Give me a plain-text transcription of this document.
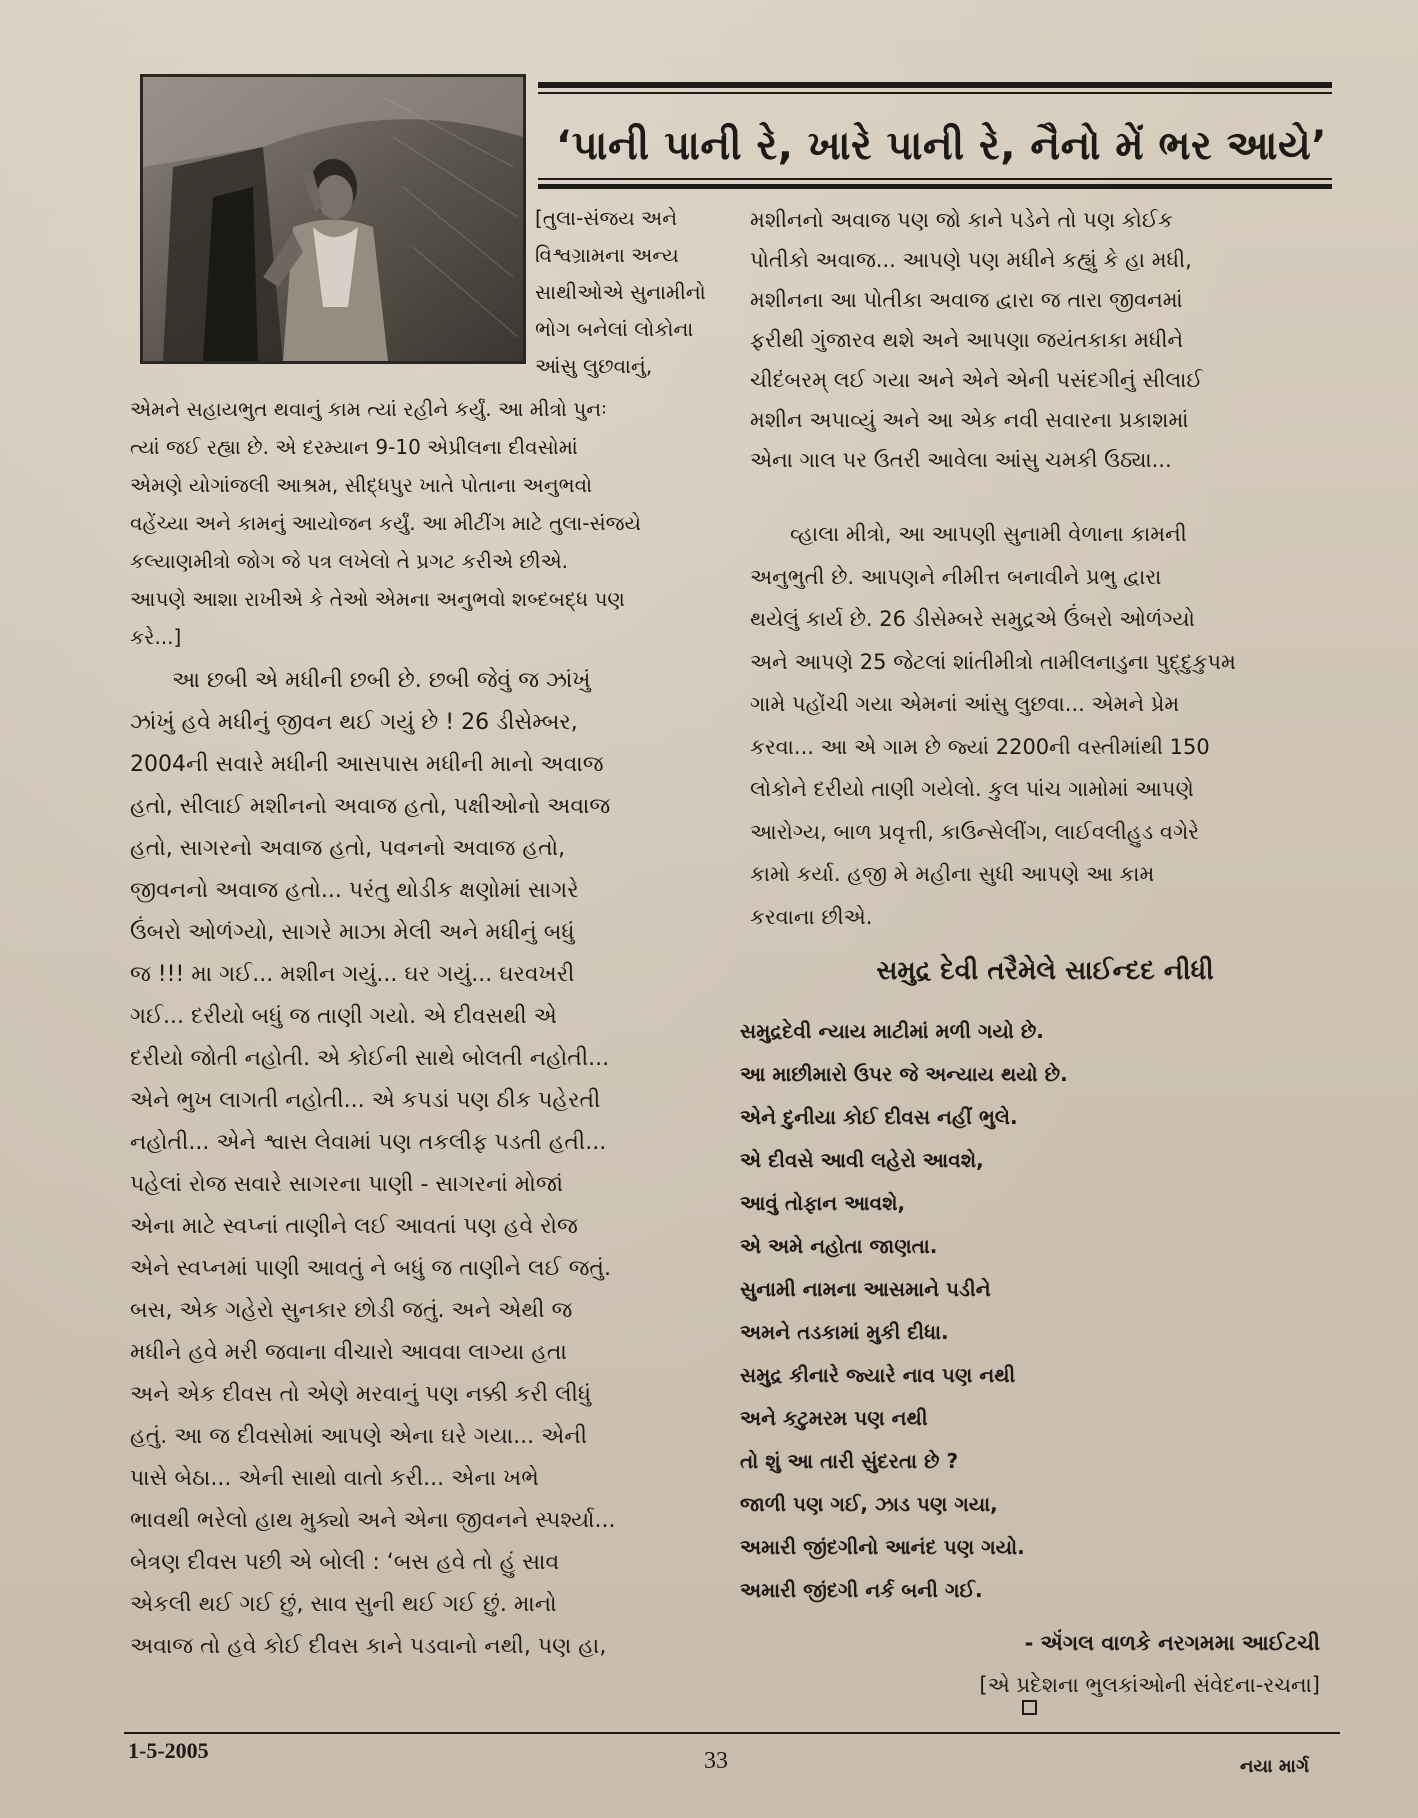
‘પાની પાની રે, ખારે પાની રે, નૈનો મેં ભર આયે’
[તુલા-સંજય અને
વિશ્વગ્રામના અન્ય
સાથીઓએ સુનામીનો
ભોગ બનેલાં લોકોના
આંસુ લુછવાનું,
એમને સહાયભુત થવાનું કામ ત્યાં રહીને કર્યું. આ મીત્રો પુનઃ
ત્યાં જઈ રહ્યા છે. એ દરમ્યાન 9-10 એપ્રીલના દીવસોમાં
એમણે યોગાંજલી આશ્રમ, સીદ્ધપુર ખાતે પોતાના અનુભવો
વહેંચ્યા અને કામનું આયોજન કર્યું. આ મીટીંગ માટે તુલા-સંજયે
કલ્યાણમીત્રો જોગ જે પત્ર લખેલો તે પ્રગટ કરીએ છીએ.
આપણે આશા રાખીએ કે તેઓ એમના અનુભવો શબ્દબદ્ધ પણ
કરે...]
આ છબી એ મધીની છબી છે. છબી જેવું જ ઝાંખું
ઝાંખું હવે મધીનું જીવન થઈ ગયું છે ! 26 ડીસેમ્બર,
2004ની સવારે મધીની આસપાસ મધીની માનો અવાજ
હતો, સીલાઈ મશીનનો અવાજ હતો, પક્ષીઓનો અવાજ
હતો, સાગરનો અવાજ હતો, પવનનો અવાજ હતો,
જીવનનો અવાજ હતો... પરંતુ થોડીક ક્ષણોમાં સાગરે
ઉંબરો ઓળંગ્યો, સાગરે માઝા મેલી અને મધીનું બધું
જ !!! મા ગઈ... મશીન ગયું... ઘર ગયું... ઘરવખરી
ગઈ... દરીયો બધું જ તાણી ગયો. એ દીવસથી એ
દરીયો જોતી નહોતી. એ કોઈની સાથે બોલતી નહોતી...
એને ભુખ લાગતી નહોતી... એ કપડાં પણ ઠીક પહેરતી
નહોતી... એને શ્વાસ લેવામાં પણ તકલીફ પડતી હતી...
પહેલાં રોજ સવારે સાગરના પાણી - સાગરનાં મોજાં
એના માટે સ્વપ્નાં તાણીને લઈ આવતાં પણ હવે રોજ
એને સ્વપ્નમાં પાણી આવતું ને બધું જ તાણીને લઈ જતું.
બસ, એક ગહેરો સુનકાર છોડી જતું. અને એથી જ
મધીને હવે મરી જવાના વીચારો આવવા લાગ્યા હતા
અને એક દીવસ તો એણે મરવાનું પણ નક્કી કરી લીધું
હતું. આ જ દીવસોમાં આપણે એના ઘરે ગયા... એની
પાસે બેઠા... એની સાથો વાતો કરી... એના ખભે
ભાવથી ભરેલો હાથ મુક્યો અને એના જીવનને સ્પર્શ્યા...
બેત્રણ દીવસ પછી એ બોલી : ‘બસ હવે તો હું સાવ
એકલી થઈ ગઈ છું, સાવ સુની થઈ ગઈ છું. માનો
અવાજ તો હવે કોઈ દીવસ કાને પડવાનો નથી, પણ હા,
મશીનનો અવાજ પણ જો કાને પડેને તો પણ કોઈક
પોતીકો અવાજ... આપણે પણ મધીને કહ્યું કે હા મધી,
મશીનના આ પોતીકા અવાજ દ્વારા જ તારા જીવનમાં
ફરીથી ગુંજારવ થશે અને આપણા જયંતકાકા મધીને
ચીદંબરમ્ લઈ ગયા અને એને એની પસંદગીનું સીલાઈ
મશીન અપાવ્યું અને આ એક નવી સવારના પ્રકાશમાં
એના ગાલ પર ઉતરી આવેલા આંસુ ચમકી ઉઠ્યા...
વ્હાલા મીત્રો, આ આપણી સુનામી વેળાના કામની
અનુભુતી છે. આપણને નીમીત્ત બનાવીને પ્રભુ દ્વારા
થયેલું કાર્ય છે. 26 ડીસેમ્બરે સમુદ્રએ ઉંબરો ઓળંગ્યો
અને આપણે 25 જેટલાં શાંતીમીત્રો તામીલનાડુના પુદ્દુકુપમ
ગામે પહોંચી ગયા એમનાં આંસુ લુછવા... એમને પ્રેમ
કરવા... આ એ ગામ છે જ્યાં 2200ની વસ્તીમાંથી 150
લોકોને દરીયો તાણી ગયેલો. કુલ પાંચ ગામોમાં આપણે
આરોગ્ય, બાળ પ્રવૃત્તી, કાઉન્સેલીંગ, લાઈવલીહુડ વગેરે
કામો કર્યા. હજી મે મહીના સુધી આપણે આ કામ
કરવાના છીએ.
સમુદ્ર દેવી તરૈમેલે સાઈન્દદ નીધી
સમુદ્રદેવી ન્યાય માટીમાં મળી ગયો છે.
આ માછીમારો ઉપર જે અન્યાય થયો છે.
એને દુનીયા કોઈ દીવસ નહીં ભુલે.
એ દીવસે આવી લહેરો આવશે,
આવું તોફાન આવશે,
એ અમે નહોતા જાણતા.
સુનામી નામના આસમાને પડીને
અમને તડકામાં મુકી દીધા.
સમુદ્ર કીનારે જ્યારે નાવ પણ નથી
અને કટુમરમ પણ નથી
તો શું આ તારી સુંદરતા છે ?
જાળી પણ ગઈ, ઝાડ પણ ગયા,
અમારી જીંદગીનો આનંદ પણ ગયો.
અમારી જીંદગી નર્ક બની ગઈ.
- ઍંગલ વાળકે નરગમમા આઈટચી
[એ પ્રદેશના ભુલકાંઓની સંવેદના-રચના]
1-5-2005	33	નયા માર્ગ
